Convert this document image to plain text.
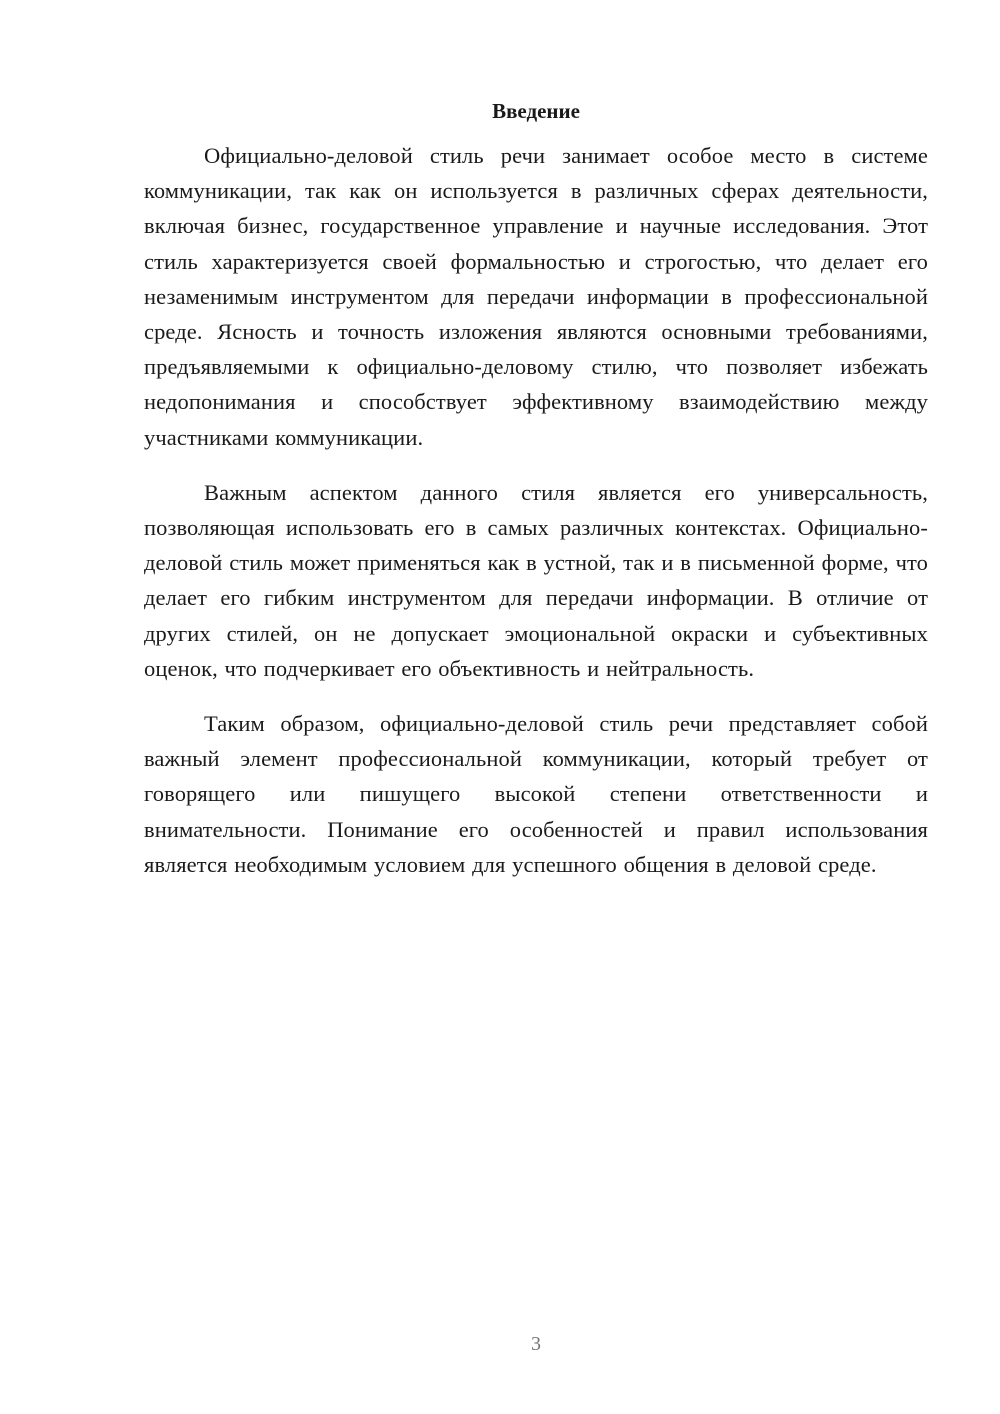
Введение

Официально-деловой стиль речи занимает особое место в системе коммуникации, так как он используется в различных сферах деятельности, включая бизнес, государственное управление и научные исследования. Этот стиль характеризуется своей формальностью и строгостью, что делает его незаменимым инструментом для передачи информации в профессиональной среде. Ясность и точность изложения являются основными требованиями, предъявляемыми к официально-деловому стилю, что позволяет избежать недопонимания и способствует эффективному взаимодействию между участниками коммуникации.

Важным аспектом данного стиля является его универсальность, позволяющая использовать его в самых различных контекстах. Официально-деловой стиль может применяться как в устной, так и в письменной форме, что делает его гибким инструментом для передачи информации. В отличие от других стилей, он не допускает эмоциональной окраски и субъективных оценок, что подчеркивает его объективность и нейтральность.

Таким образом, официально-деловой стиль речи представляет собой важный элемент профессиональной коммуникации, который требует от говорящего или пишущего высокой степени ответственности и внимательности. Понимание его особенностей и правил использования является необходимым условием для успешного общения в деловой среде.

3
